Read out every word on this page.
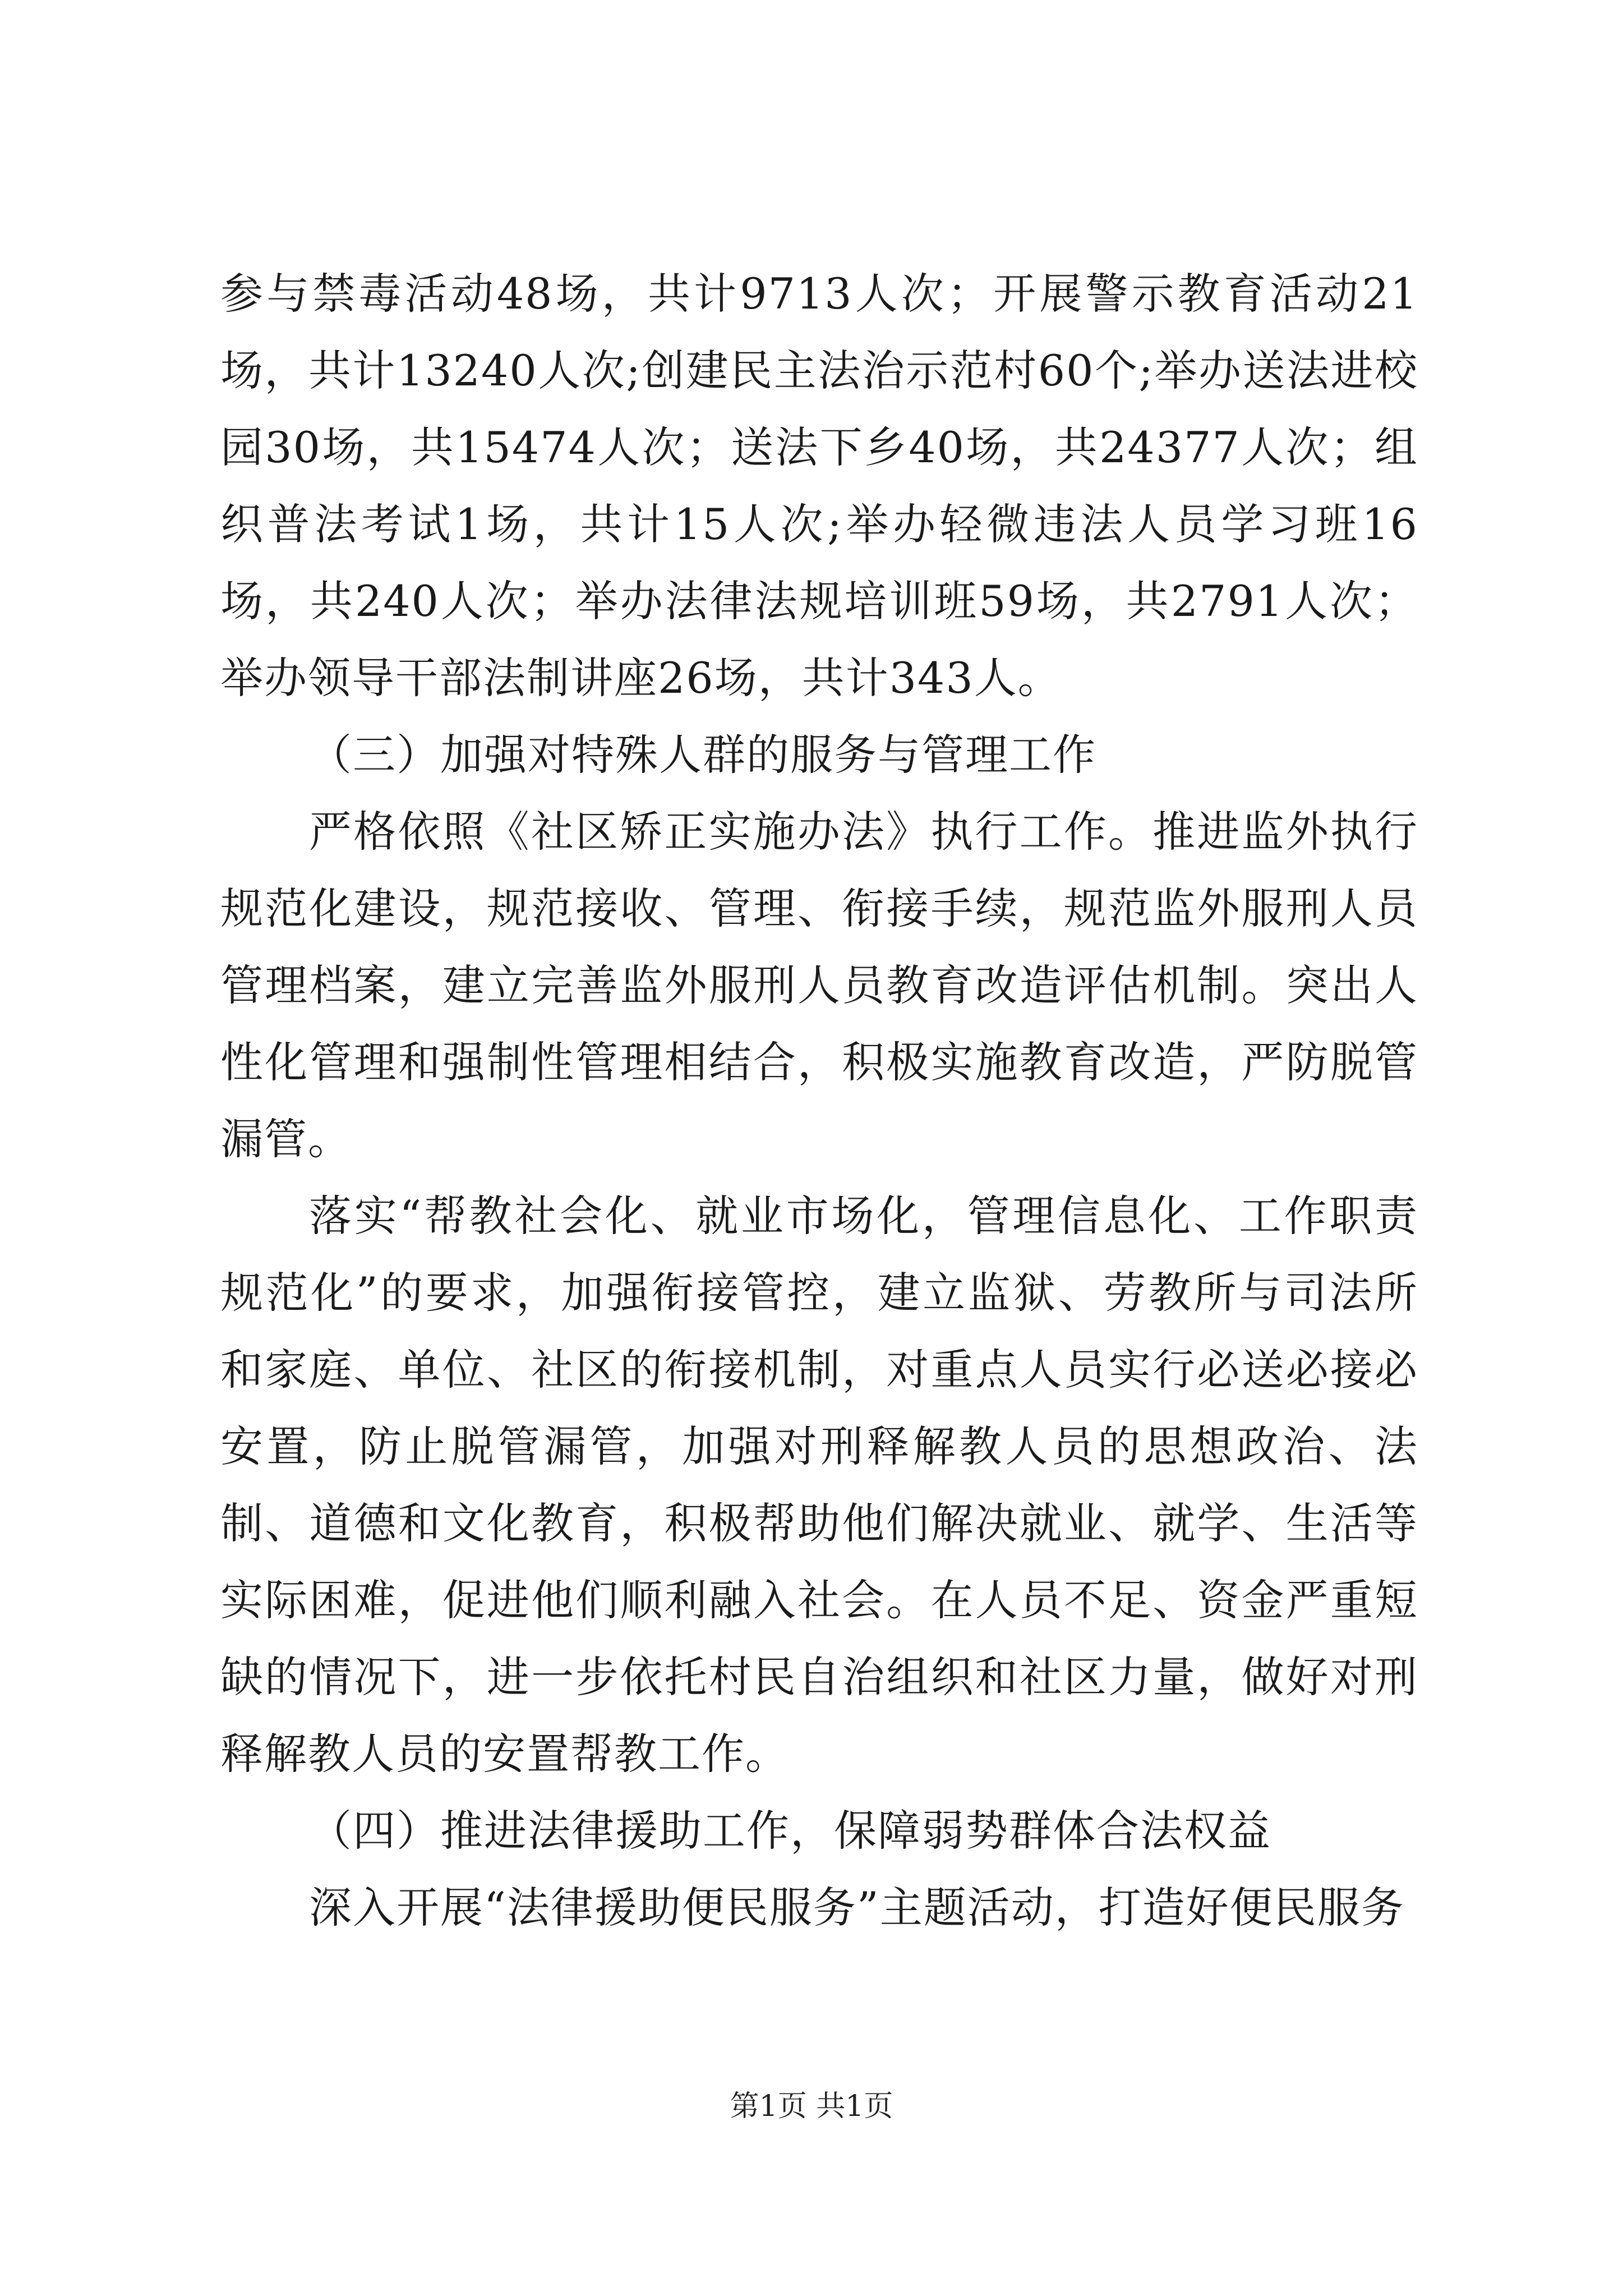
参与禁毒活动48场，共计9713人次；开展警示教育活动21场，共计13240人次;创建民主法治示范村60个;举办送法进校园30场，共15474人次；送法下乡40场，共24377人次；组织普法考试1场，共计15人次;举办轻微违法人员学习班16场，共240人次；举办法律法规培训班59场，共2791人次；举办领导干部法制讲座26场，共计343人。

（三）加强对特殊人群的服务与管理工作

严格依照《社区矫正实施办法》执行工作。推进监外执行规范化建设，规范接收、管理、衔接手续，规范监外服刑人员管理档案，建立完善监外服刑人员教育改造评估机制。突出人性化管理和强制性管理相结合，积极实施教育改造，严防脱管漏管。

落实“帮教社会化、就业市场化，管理信息化、工作职责规范化”的要求，加强衔接管控，建立监狱、劳教所与司法所和家庭、单位、社区的衔接机制，对重点人员实行必送必接必安置，防止脱管漏管，加强对刑释解教人员的思想政治、法制、道德和文化教育，积极帮助他们解决就业、就学、生活等实际困难，促进他们顺利融入社会。在人员不足、资金严重短缺的情况下，进一步依托村民自治组织和社区力量，做好对刑释解教人员的安置帮教工作。

（四）推进法律援助工作，保障弱势群体合法权益

深入开展“法律援助便民服务”主题活动，打造好便民服务

第1页 共1页
